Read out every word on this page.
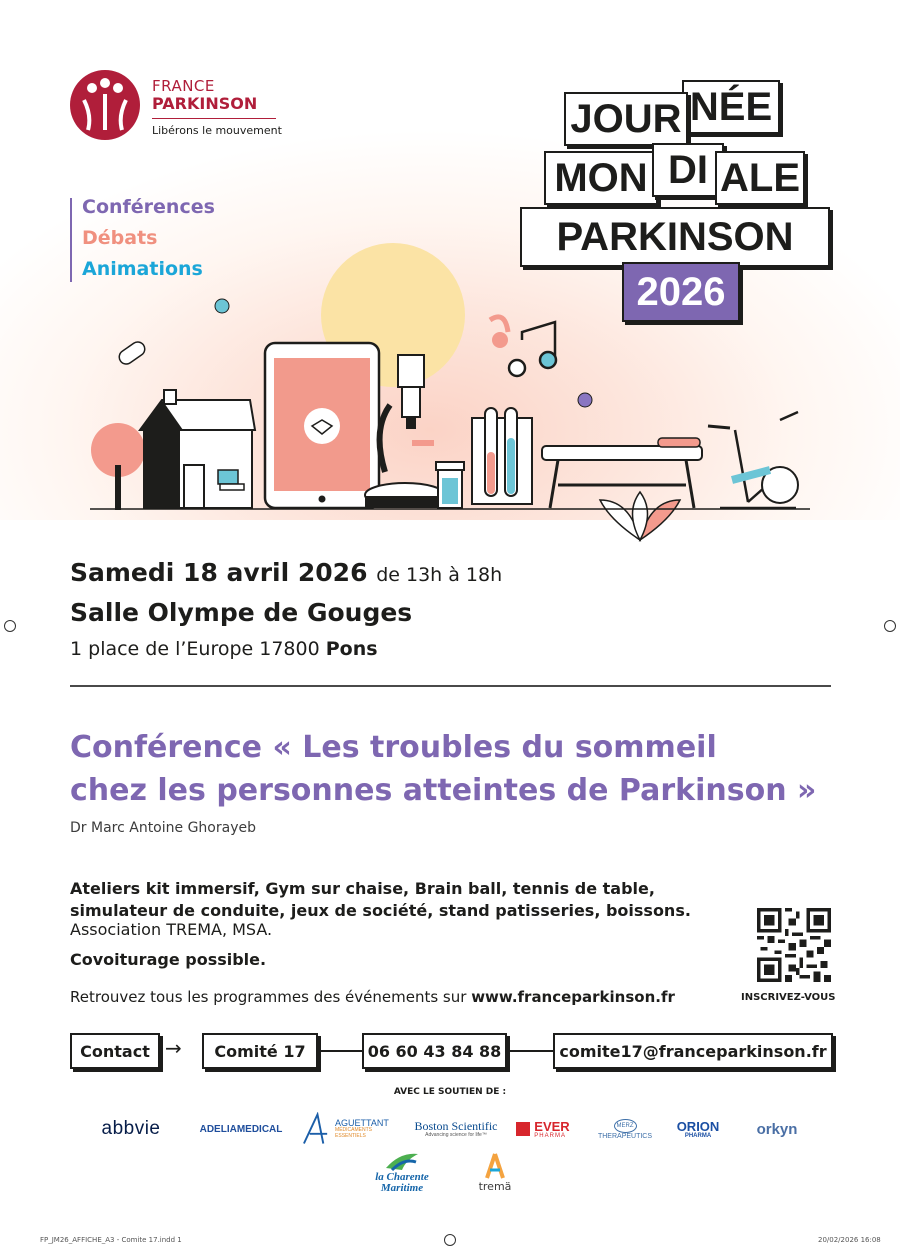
FRANCE
PARKINSON
Libérons le mouvement
Conférences
Débats
Animations
NÉE
JOUR
MON DI ALE
PARKINSON
2026
Samedi 18 avril 2026 de 13h à 18h
Salle Olympe de Gouges
1 place de l’Europe 17800 Pons
Conférence « Les troubles du sommeil
chez les personnes atteintes de Parkinson »
Dr Marc Antoine Ghorayeb
Ateliers kit immersif, Gym sur chaise, Brain ball, tennis de table,
simulateur de conduite, jeux de société, stand patisseries, boissons.
Association TREMA, MSA.
Covoiturage possible.
Retrouvez tous les programmes des événements sur www.franceparkinson.fr	INSCRIVEZ-VOUS
Contact → Comité 17	06 60 43 84 88	comite17@franceparkinson.fr
AVEC LE SOUTIEN DE :
abbvie	ADELIAMEDICAL
AGUETTANT
MÉDICAMENTS ESSENTIELS
Boston Scientific
Advancing science for life™
EVER
PHARMA
MERZ
THERAPEUTICS
ORION
PHARMA	orkyn
la Charente Maritime	tremä
FP_JM26_AFFICHE_A3 - Comite 17.indd 1	20/02/2026 16:08
